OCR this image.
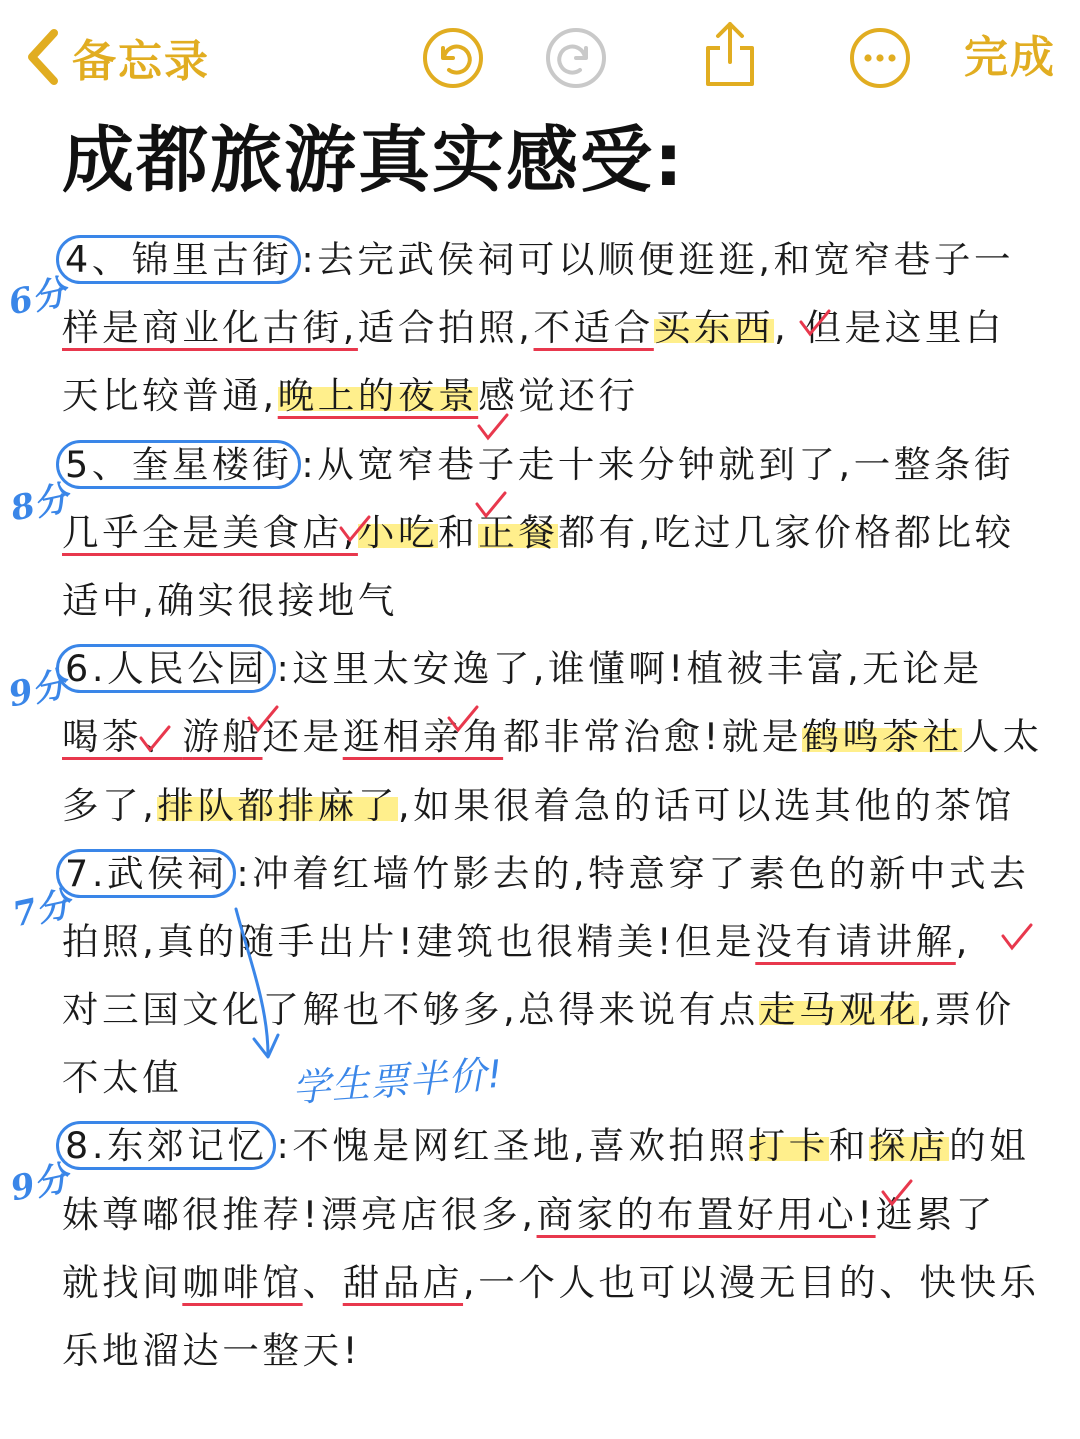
备忘录	完成
成都旅游真实感受:
4、锦里古街 :去完武侯祠可以顺便逛逛,和宽窄巷子一
样是商业化古街,适合拍照,不适合买东西, 但是这里白
天比较普通,晚上的夜景感觉还行
5、奎星楼街 :从宽窄巷子走十来分钟就到了,一整条街
几乎全是美食店,小吃和正餐都有,吃过几家价格都比较
适中,确实很接地气
6.人民公园 :这里太安逸了,谁懂啊!植被丰富,无论是
喝茶、游船还是逛相亲角都非常治愈!就是鹤鸣茶社人太
多了,排队都排麻了,如果很着急的话可以选其他的茶馆
7.武侯祠 :冲着红墙竹影去的,特意穿了素色的新中式去
拍照,真的随手出片!建筑也很精美!但是没有请讲解,
对三国文化了解也不够多,总得来说有点走马观花,票价
不太值
8.东郊记忆 :不愧是网红圣地,喜欢拍照打卡和探店的姐
妹尊嘟很推荐!漂亮店很多,商家的布置好用心!逛累了
就找间咖啡馆、甜品店,一个人也可以漫无目的、快快乐
乐地溜达一整天!
6分
8分
9分
7分
9分
学生票半价!
